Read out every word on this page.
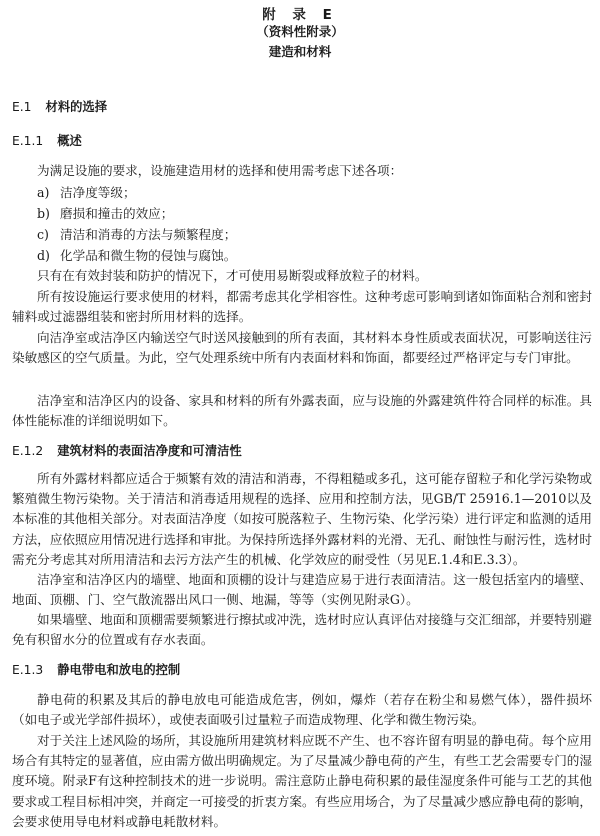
附 录 E
（资料性附录）
建造和材料
E.1 材料的选择
E.1.1 概述
为满足设施的要求，设施建造用材的选择和使用需考虑下述各项：
a) 洁净度等级；
b) 磨损和撞击的效应；
c) 清洁和消毒的方法与频繁程度；
d) 化学品和微生物的侵蚀与腐蚀。
只有在有效封装和防护的情况下，才可使用易断裂或释放粒子的材料。
所有按设施运行要求使用的材料，都需考虑其化学相容性。这种考虑可影响到诸如饰面粘合剂和密封辅料或过滤器组装和密封所用材料的选择。
向洁净室或洁净区内输送空气时送风接触到的所有表面，其材料本身性质或表面状况，可影响送往污染敏感区的空气质量。为此，空气处理系统中所有内表面材料和饰面，都要经过严格评定与专门审批。
洁净室和洁净区内的设备、家具和材料的所有外露表面，应与设施的外露建筑件符合同样的标准。具体性能标准的详细说明如下。
E.1.2 建筑材料的表面洁净度和可清洁性
所有外露材料都应适合于频繁有效的清洁和消毒，不得粗糙或多孔，这可能存留粒子和化学污染物或繁殖微生物污染物。关于清洁和消毒适用规程的选择、应用和控制方法，见GB/T 25916.1—2010以及本标准的其他相关部分。对表面洁净度（如按可脱落粒子、生物污染、化学污染）进行评定和监测的适用方法，应依照应用情况进行选择和审批。为保持所选择外露材料的光滑、无孔、耐蚀性与耐污性，选材时需充分考虑其对所用清洁和去污方法产生的机械、化学效应的耐受性（另见E.1.4和E.3.3）。
洁净室和洁净区内的墙壁、地面和顶棚的设计与建造应易于进行表面清洁。这一般包括室内的墙壁、地面、顶棚、门、空气散流器出风口一侧、地漏，等等（实例见附录G）。
如果墙壁、地面和顶棚需要频繁进行擦拭或冲洗，选材时应认真评估对接缝与交汇细部，并要特别避免有积留水分的位置或有存水表面。
E.1.3 静电带电和放电的控制
静电荷的积累及其后的静电放电可能造成危害，例如，爆炸（若存在粉尘和易燃气体），器件损坏（如电子或光学部件损坏），或使表面吸引过量粒子而造成物理、化学和微生物污染。
对于关注上述风险的场所，其设施所用建筑材料应既不产生、也不容许留有明显的静电荷。每个应用场合有其特定的显著值，应由需方做出明确规定。为了尽量减少静电荷的产生，有些工艺会需要专门的湿度环境。附录F有这种控制技术的进一步说明。需注意防止静电荷积累的最佳湿度条件可能与工艺的其他要求或工程目标相冲突，并商定一可接受的折衷方案。有些应用场合，为了尽量减少感应静电荷的影响，会要求使用导电材料或静电耗散材料。
